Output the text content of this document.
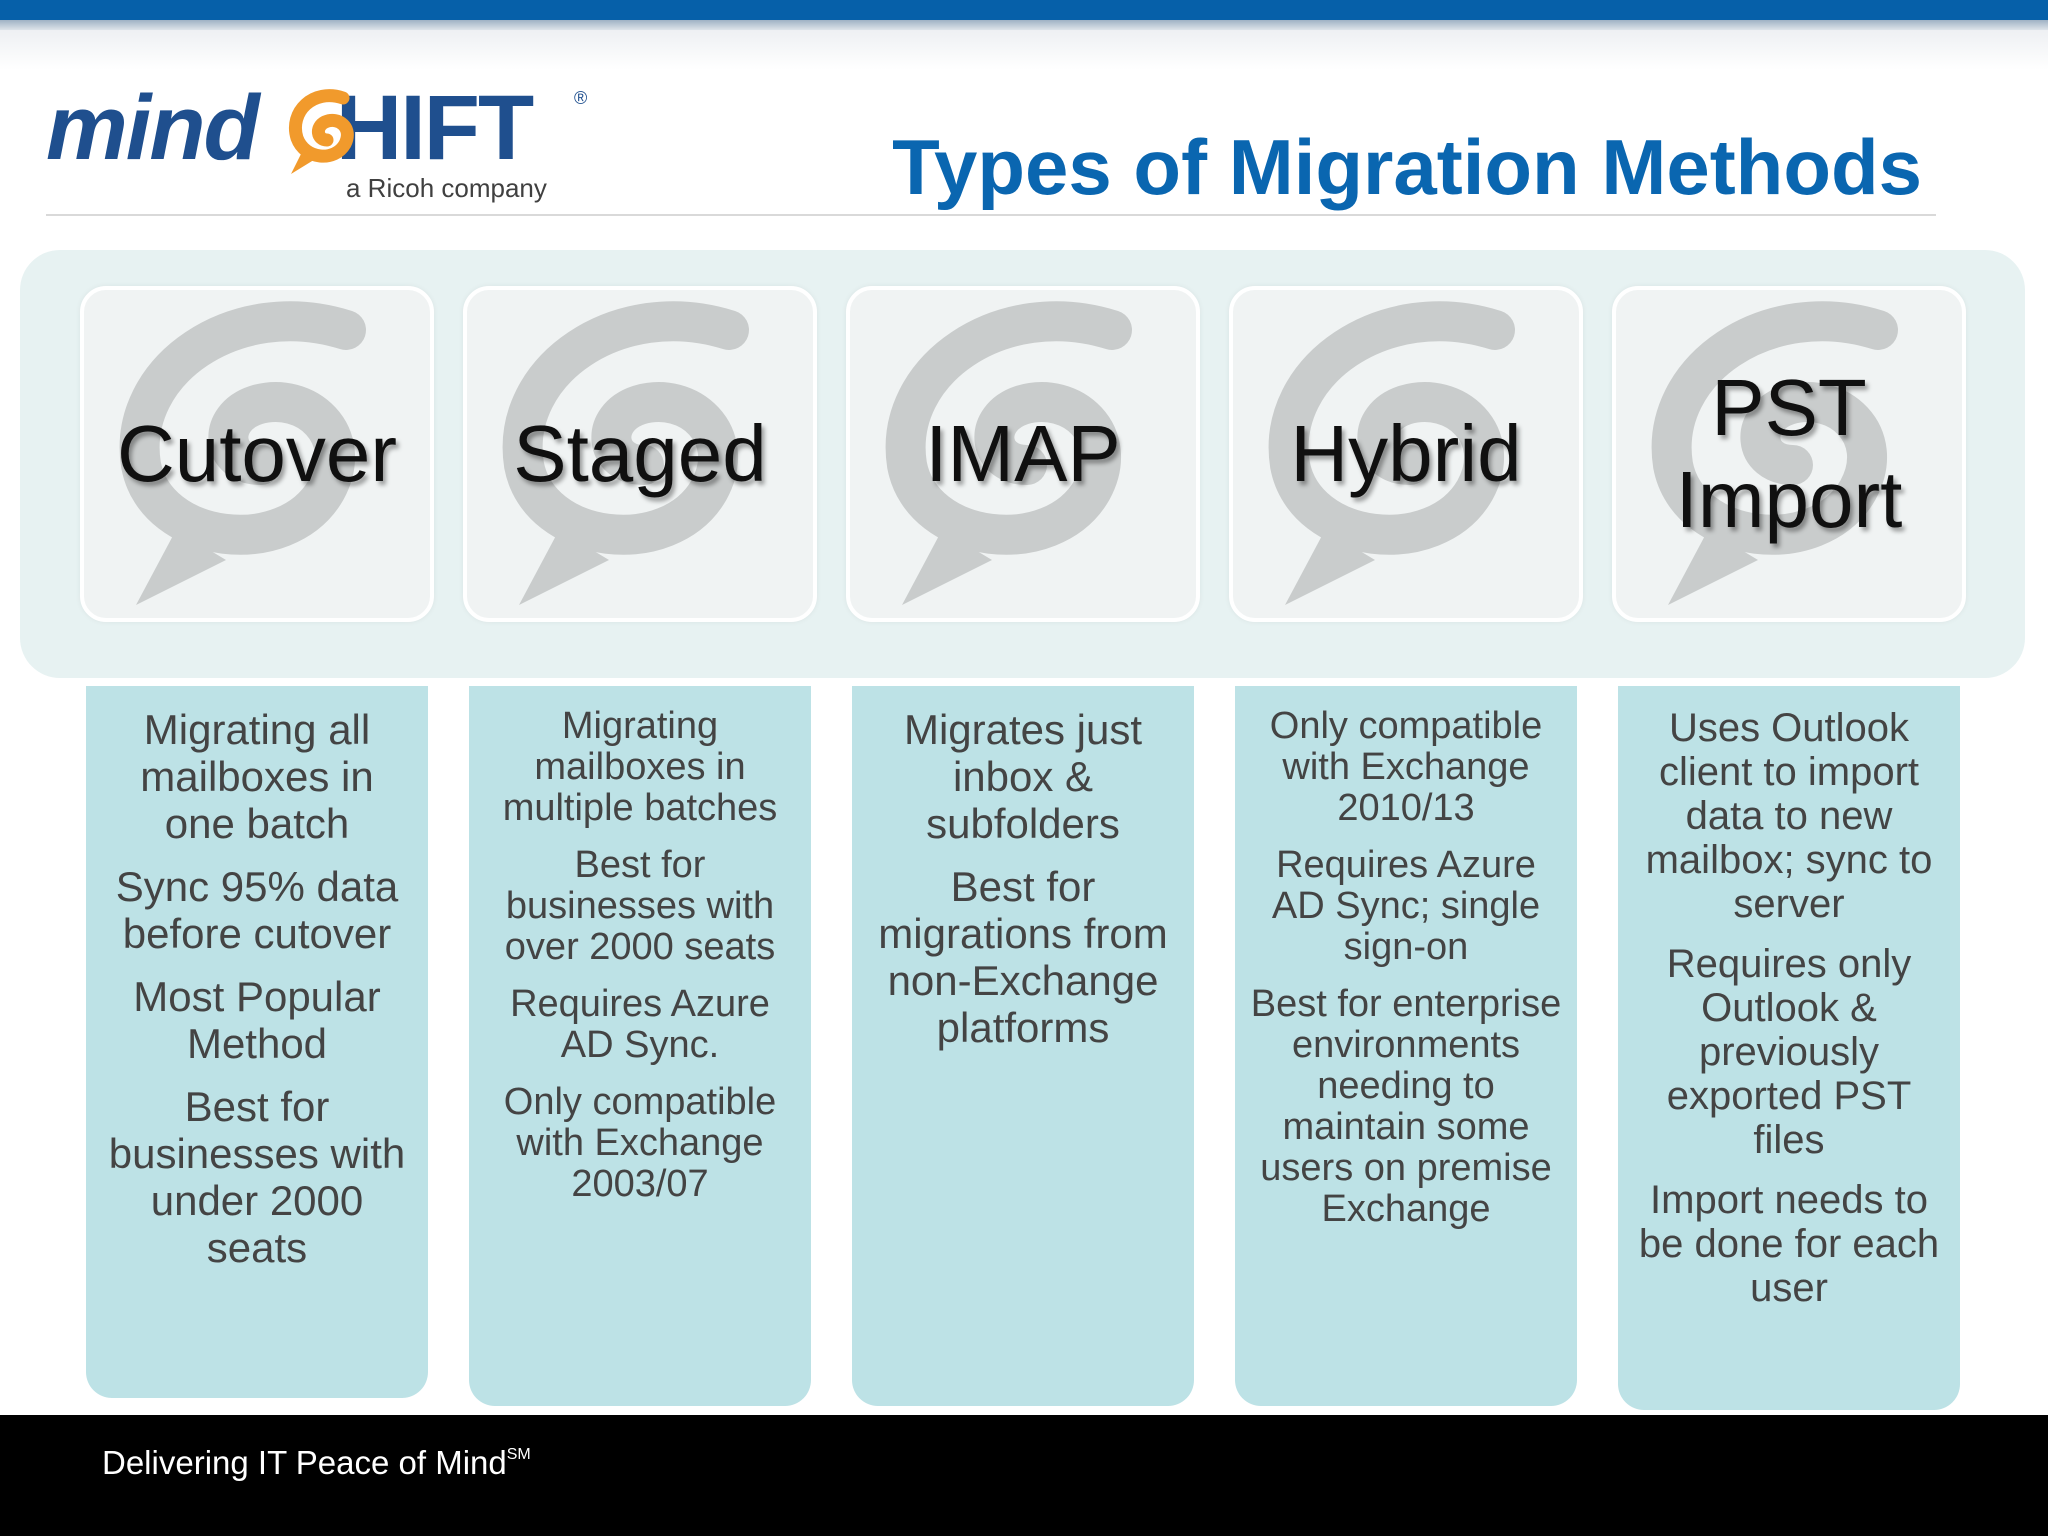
mind HIFT ®
a Ricoh company	Types of Migration Methods
Cutover	Staged	IMAP	Hybrid
PST Import

Migrating all mailboxes in one batch

Sync 95% data before cutover

Most Popular Method

Best for businesses with under 2000 seats

Migrating mailboxes in multiple batches

Best for businesses with over 2000 seats

Requires Azure AD Sync.

Only compatible with Exchange 2003/07

Migrates just inbox & subfolders

Best for migrations from non-Exchange platforms

Only compatible with Exchange 2010/13

Requires Azure AD Sync; single sign-on

Best for enterprise environments needing to maintain some users on premise Exchange

Uses Outlook client to import data to new mailbox; sync to server

Requires only Outlook & previously exported PST files

Import needs to be done for each user

Delivering IT Peace of Mind℠
